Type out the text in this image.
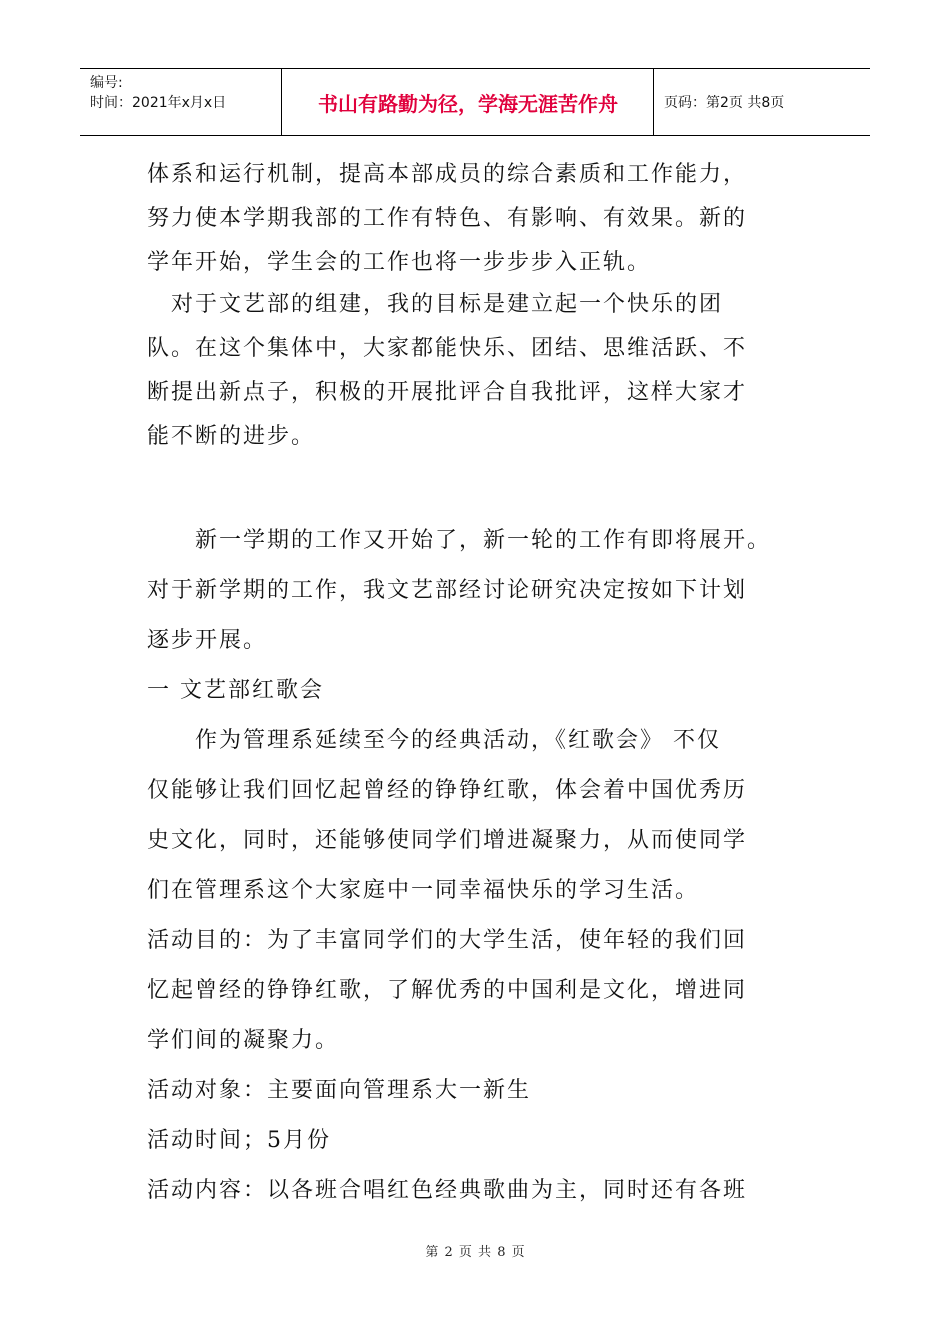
编号:
时间：2021年x月x日	书山有路勤为径，学海无涯苦作舟	页码：第2页 共8页
体系和运行机制，提高本部成员的综合素质和工作能力，
努力使本学期我部的工作有特色、有影响、有效果。新的
学年开始，学生会的工作也将一步步步入正轨。
　对于文艺部的组建，我的目标是建立起一个快乐的团
队。在这个集体中，大家都能快乐、团结、思维活跃、不
断提出新点子，积极的开展批评合自我批评，这样大家才
能不断的进步。
　　新一学期的工作又开始了，新一轮的工作有即将展开。
对于新学期的工作，我文艺部经讨论研究决定按如下计划
逐步开展。
一 文艺部红歌会
　　作为管理系延续至今的经典活动，《红歌会》 不仅
仅能够让我们回忆起曾经的铮铮红歌，体会着中国优秀历
史文化，同时，还能够使同学们增进凝聚力，从而使同学
们在管理系这个大家庭中一同幸福快乐的学习生活。
活动目的：为了丰富同学们的大学生活，使年轻的我们回
忆起曾经的铮铮红歌，了解优秀的中国利是文化，增进同
学们间的凝聚力。
活动对象：主要面向管理系大一新生
活动时间；5月份
活动内容：以各班合唱红色经典歌曲为主，同时还有各班
第 2 页 共 8 页
